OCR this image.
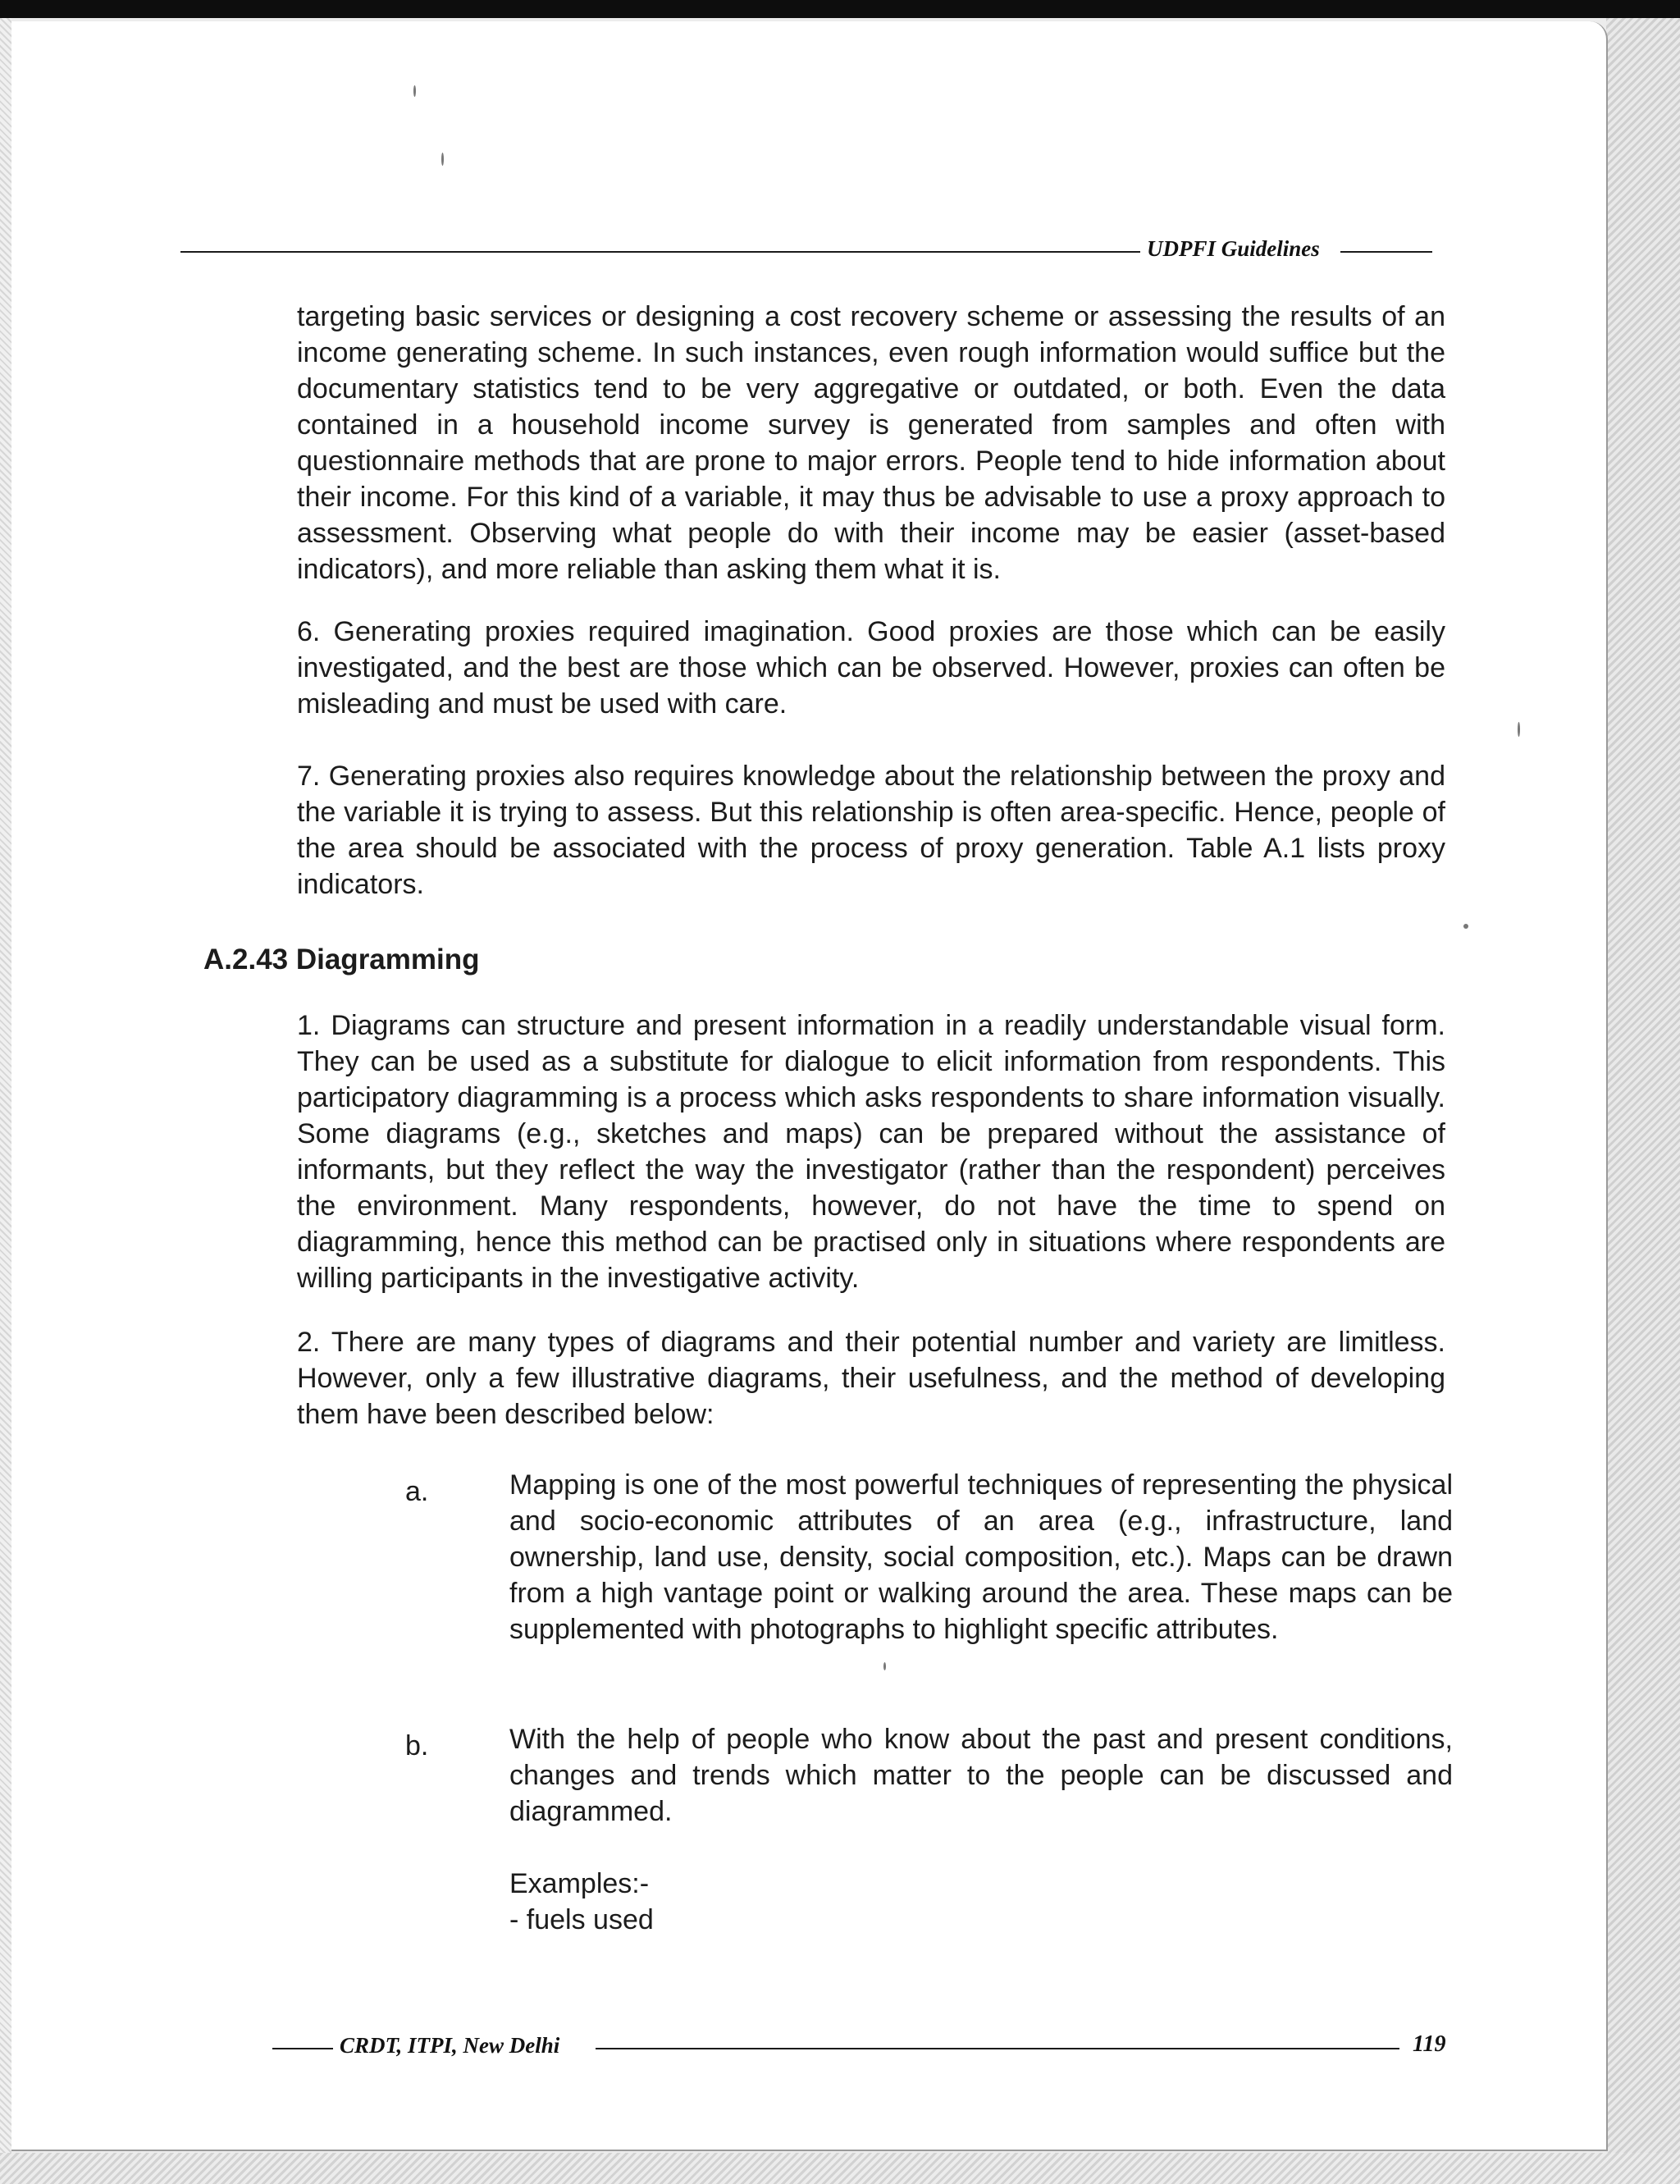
UDPFI Guidelines

targeting basic services or designing a cost recovery scheme or assessing the results of an income generating scheme. In such instances, even rough information would suffice but the documentary statistics tend to be very aggregative or outdated, or both. Even the data contained in a household income survey is generated from samples and often with questionnaire methods that are prone to major errors. People tend to hide information about their income. For this kind of a variable, it may thus be advisable to use a proxy approach to assessment. Observing what people do with their income may be easier (asset-based indicators), and more reliable than asking them what it is.

6. Generating proxies required imagination. Good proxies are those which can be easily investigated, and the best are those which can be observed. However, proxies can often be misleading and must be used with care.

7. Generating proxies also requires knowledge about the relationship between the proxy and the variable it is trying to assess. But this relationship is often area-specific. Hence, people of the area should be associated with the process of proxy generation. Table A.1 lists proxy indicators.

A.2.43 Diagramming

1. Diagrams can structure and present information in a readily understandable visual form. They can be used as a substitute for dialogue to elicit information from respondents. This participatory diagramming is a process which asks respondents to share information visually. Some diagrams (e.g., sketches and maps) can be prepared without the assistance of informants, but they reflect the way the investigator (rather than the respondent) perceives the environment. Many respondents, however, do not have the time to spend on diagramming, hence this method can be practised only in situations where respondents are willing participants in the investigative activity.

2. There are many types of diagrams and their potential number and variety are limitless. However, only a few illustrative diagrams, their usefulness, and the method of developing them have been described below:

a.	Mapping is one of the most powerful techniques of representing the physical and socio-economic attributes of an area (e.g., infrastructure, land ownership, land use, density, social composition, etc.). Maps can be drawn from a high vantage point or walking around the area. These maps can be supplemented with photographs to highlight specific attributes.

b.	With the help of people who know about the past and present conditions, changes and trends which matter to the people can be discussed and diagrammed.

Examples:-

- fuels used

CRDT, ITPI, New Delhi	119
